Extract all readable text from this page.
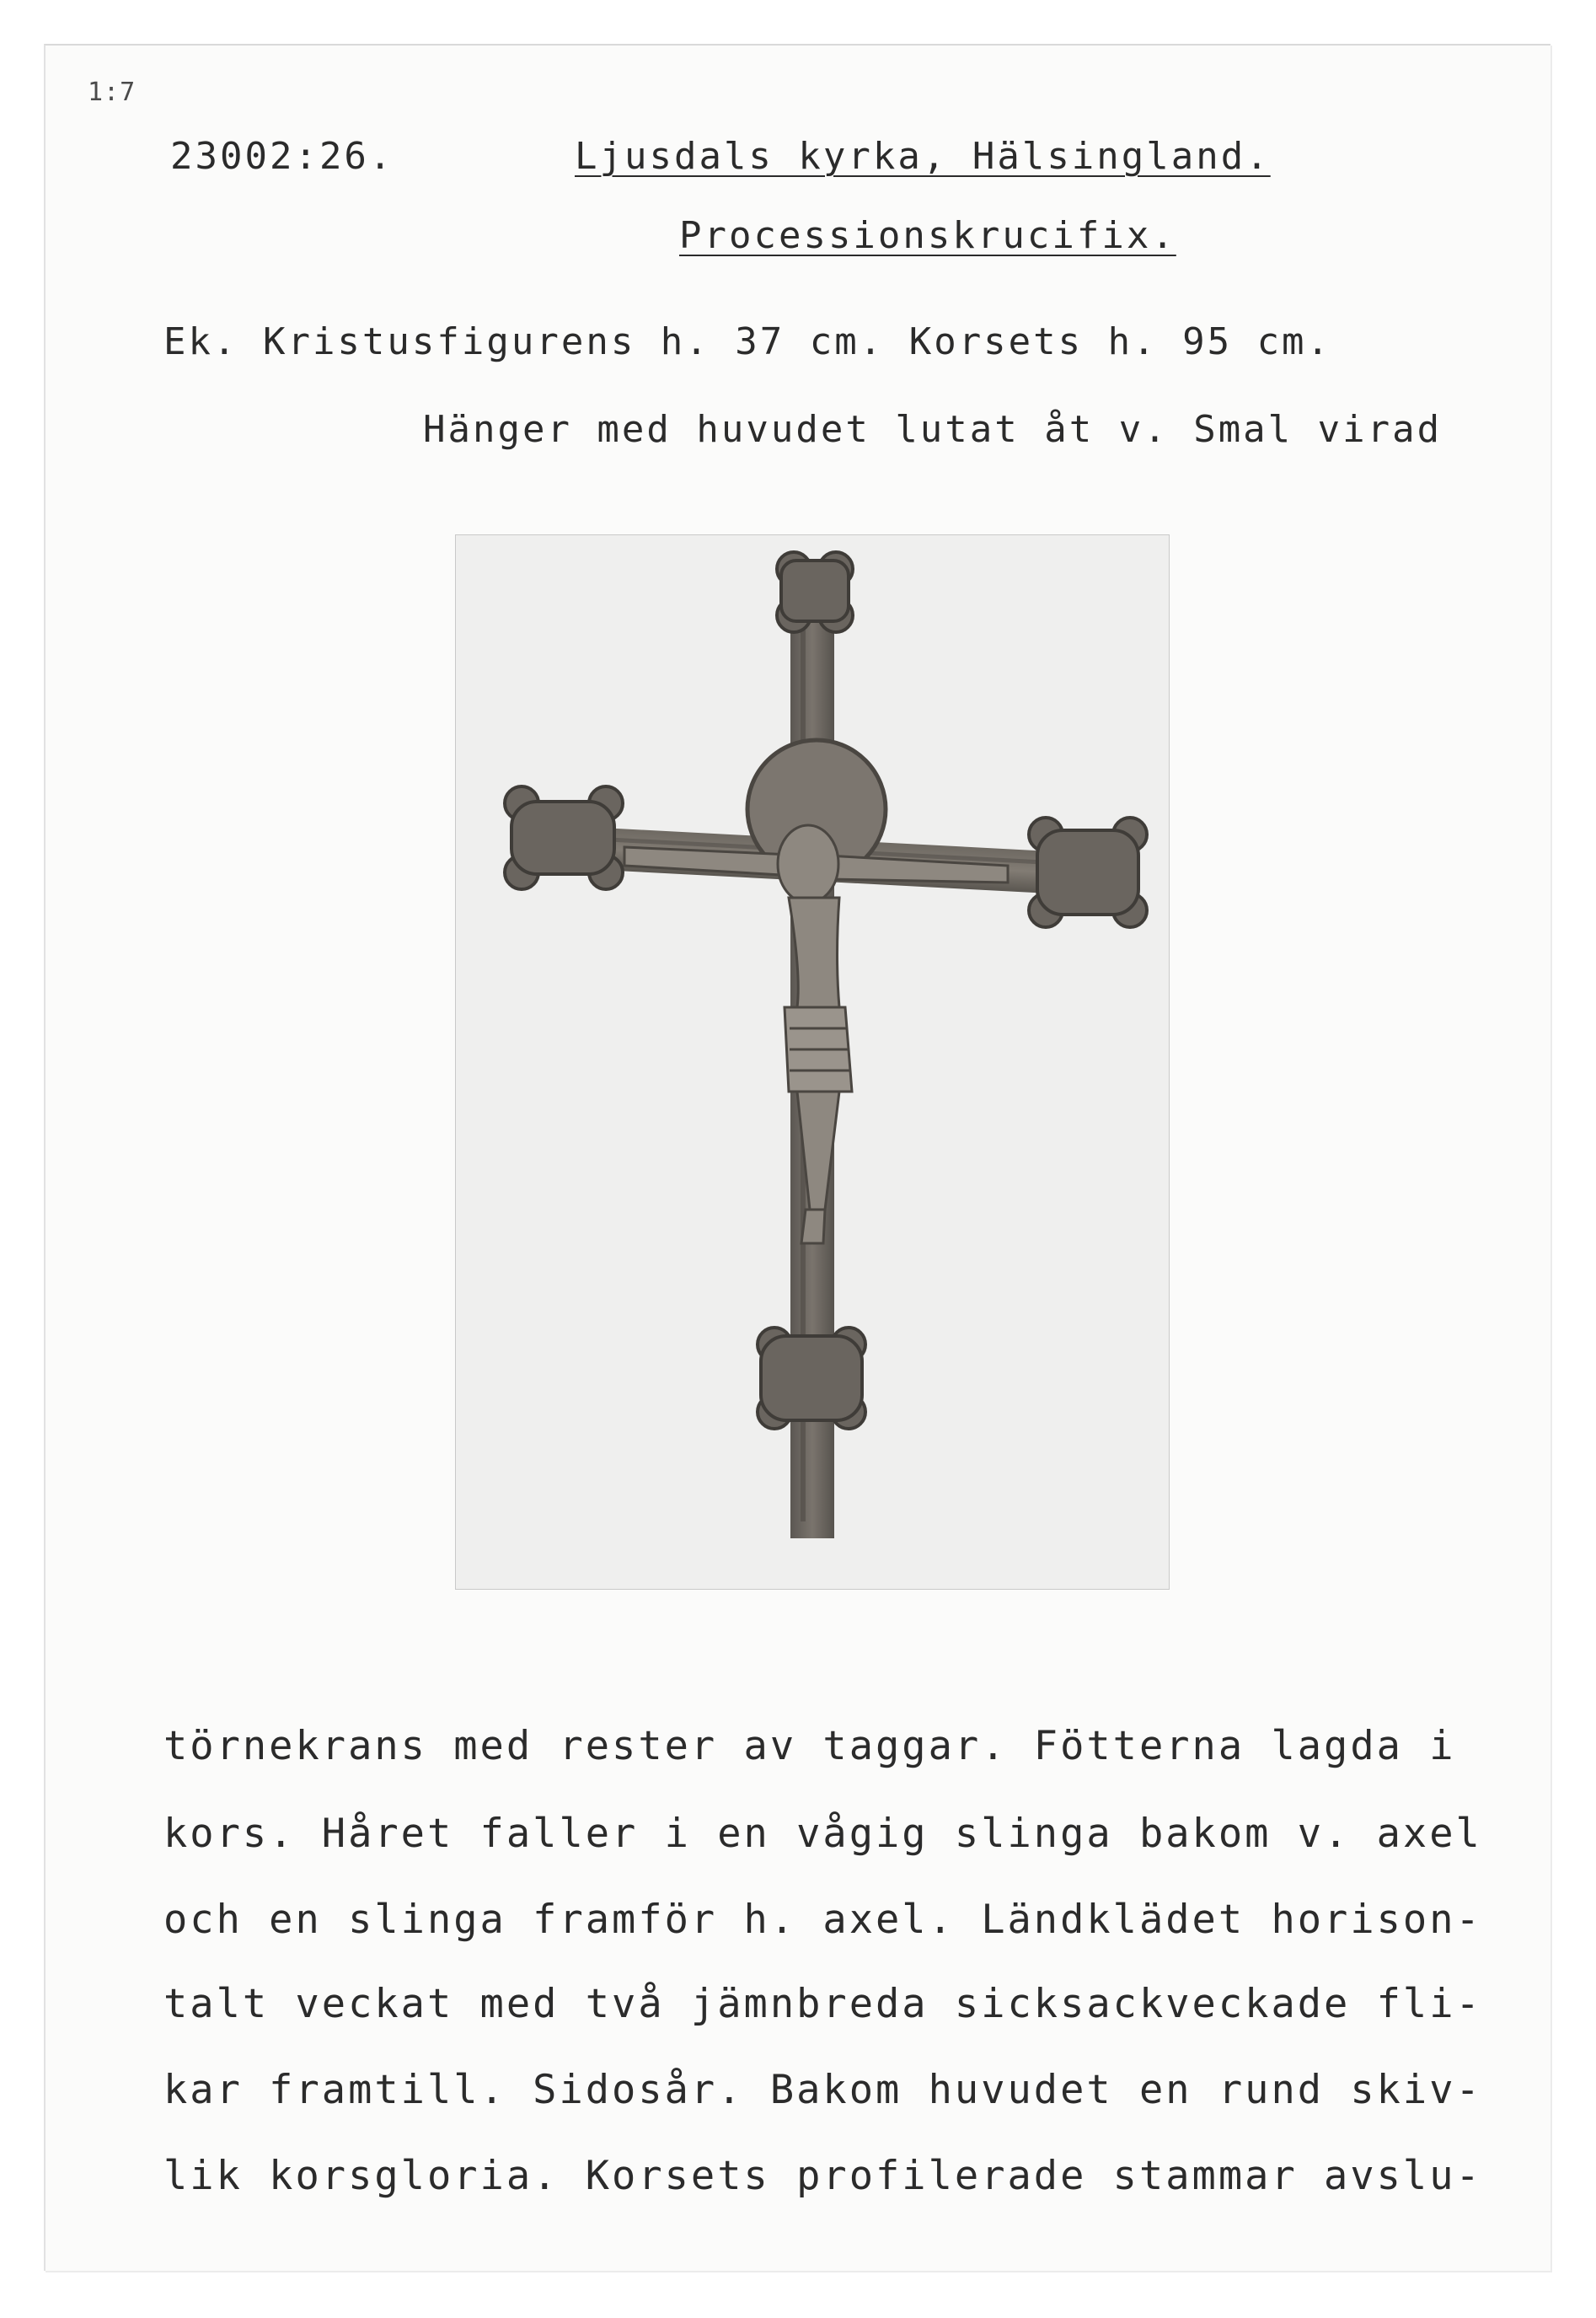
1:7
23002:26.	Ljusdals kyrka, Hälsingland.
Processionskrucifix.
Ek. Kristusfigurens h. 37 cm. Korsets h. 95 cm.
Hänger med huvudet lutat åt v. Smal virad
törnekrans med rester av taggar. Fötterna lagda i
kors. Håret faller i en vågig slinga bakom v. axel
och en slinga framför h. axel. Ländklädet horison-
talt veckat med två jämnbreda sicksackveckade fli-
kar framtill. Sidosår. Bakom huvudet en rund skiv-
lik korsgloria. Korsets profilerade stammar avslu-
